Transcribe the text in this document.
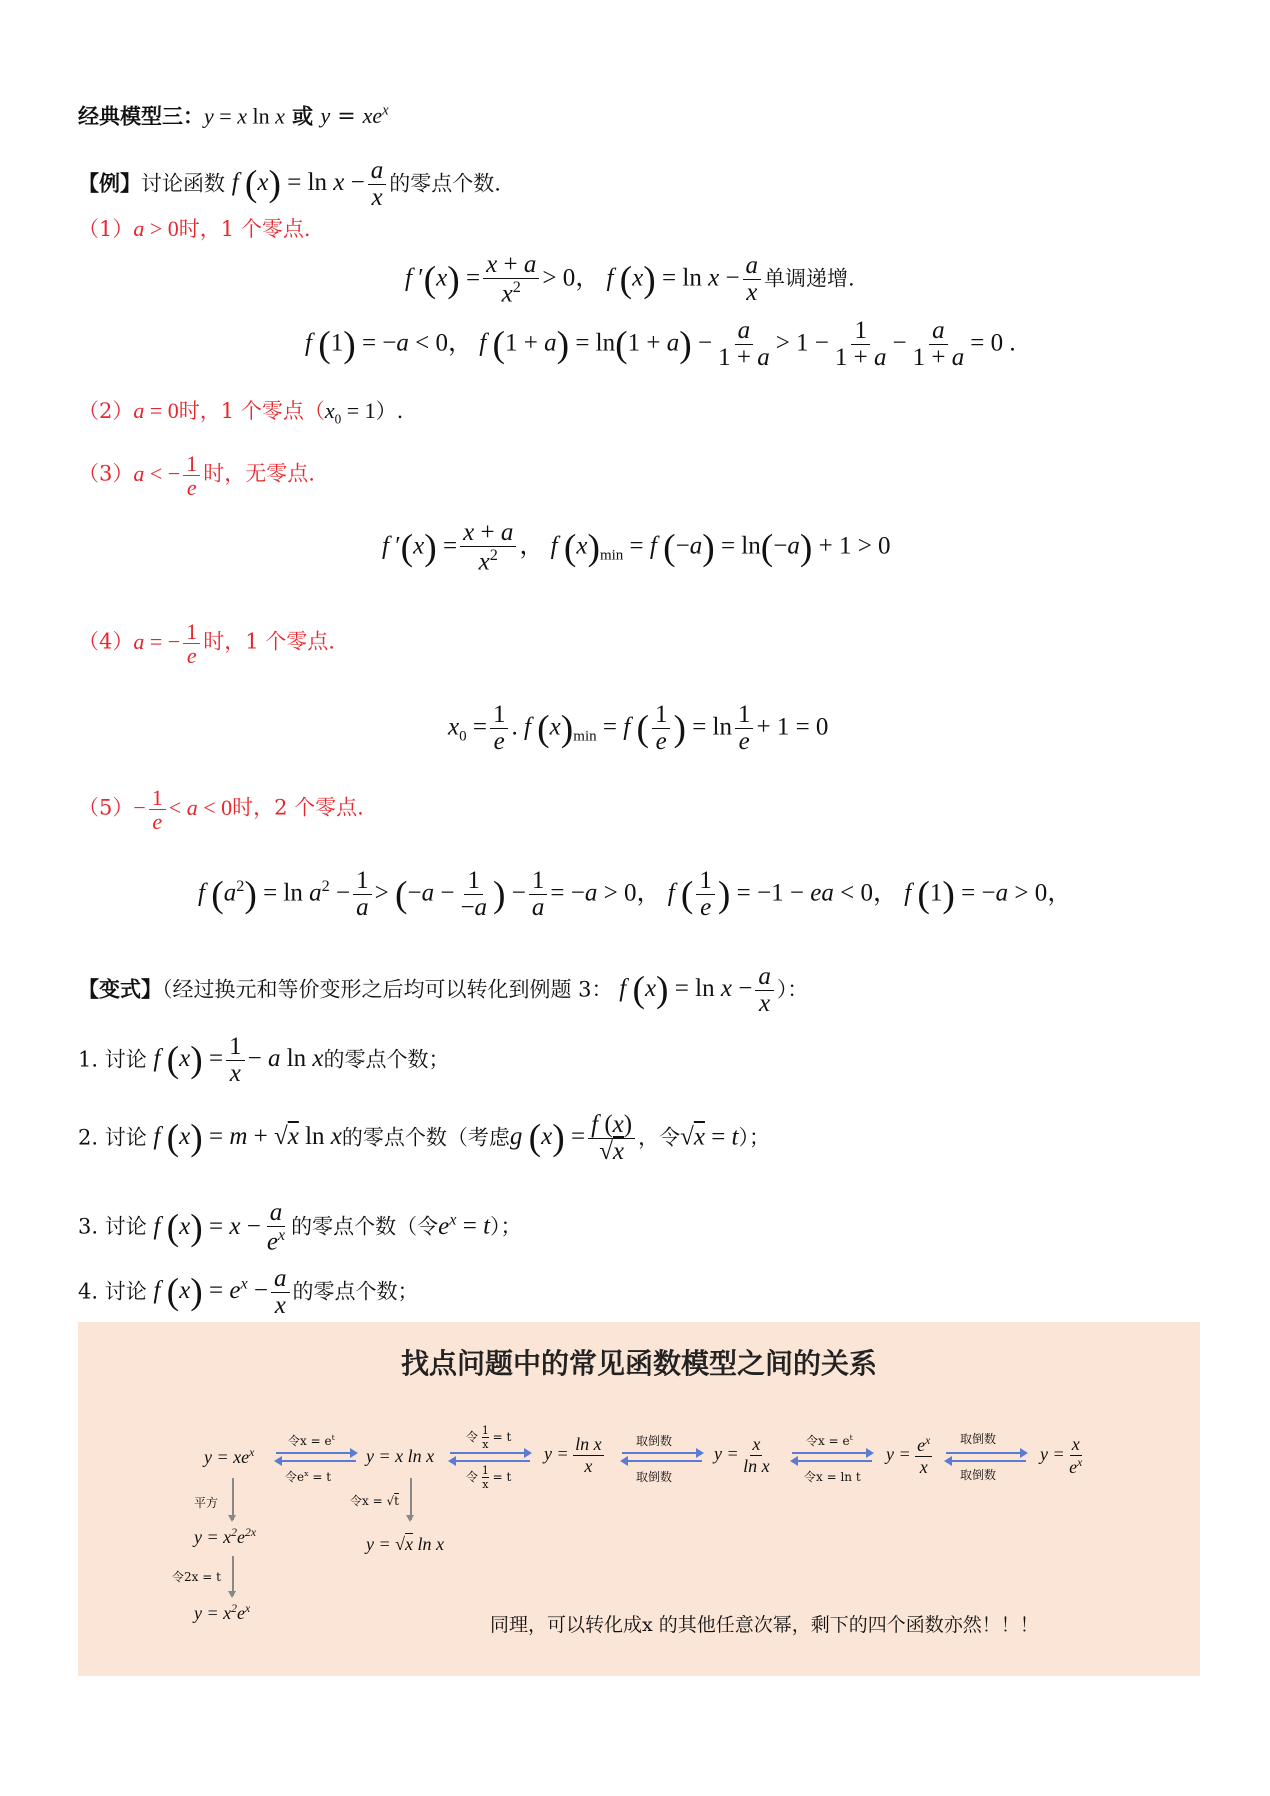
经典模型三：y = x ln x 或 $y = xe^x$
【例】讨论函数 f $(x) = \ln x - \frac{a}{x}$ 的零点个数.
（1）a > 0时，1 个零点.
f $'(x) = \frac{x + a}{x^2} > 0$， f $(x) = \ln x - \frac{a}{x}$ 单调递增.
f (1) = −a < 0， f $(1 + a) = \ln(1 + a) - \frac{a}{1 + a} > 1 - \frac{1}{1 + a} - \frac{a}{1 + a} = 0$ .
（2）a = 0时，1 个零点$(x_0 = 1)$.
（3）a < − $\frac{1}{e}$ 时，无零点.
f $'(x) = \frac{x + a}{x^2}$ ， f $(x)_{min} = f$ (−a) = ln(−a) + 1 > 0
（4）a = − $\frac{1}{e}$ 时，1 个零点.
$x_0 = \frac{1}{e}$ . f $(x)_{min} = f$ ( $\frac{1}{e}$ ) = $\ln \frac{1}{e} + 1 = 0$
$(5)- \frac{1}{e} < a < 0$时，2 个零点.
f $(a^2) = \ln a^2 - \frac{1}{a} > (-a - \frac{1}{-a}$ ) − $\frac{1}{a} = -a > 0$， f ( $\frac{1}{e}$ ) = −1 − ea < 0， f (1) = −a > 0，
【变式】（经过换元和等价变形之后均可以转化到例题 3： f $(x) = \ln x - \frac{a}{x}$ ）：
1. 讨论 f $(x) = \frac{1}{x} - a$ ln x的零点个数；
2. 讨论 f (x) = m + √x ln x的零点个数（考虑g $(x) = \frac{f (x)}{√x}$ ，令√x = t）；
3. 讨论 f $(x) = x - \frac{a}{e^x}$ 的零点个数（令$e^x = t$）；
4. 讨论 f $(x) = e^x - \frac{a}{x}$ 的零点个数；
找点问题中的常见函数模型之间的关系
$y = xe^x$
令$x = e^t$
令$e^x = t$
y = x ln x
令 $\frac{1}{x} = t$
令 $\frac{1}{x} = t$
$y = \frac{\text{ln x}}{x}$	取倒数
取倒数
$y = \frac{x}{\text{ln x}}$	令$x = e^t$
令x = ln t
$y = \frac{e^x}{x}$ 取倒数
取倒数
$y = \frac{x}{e^x}$
平方
$y = x^2e^{2x}$
令2x = t
$y = x^2e^x$
令x = √t
y = √x ln x
同理，可以转化成x 的其他任意次幂，剩下的四个函数亦然！！！
